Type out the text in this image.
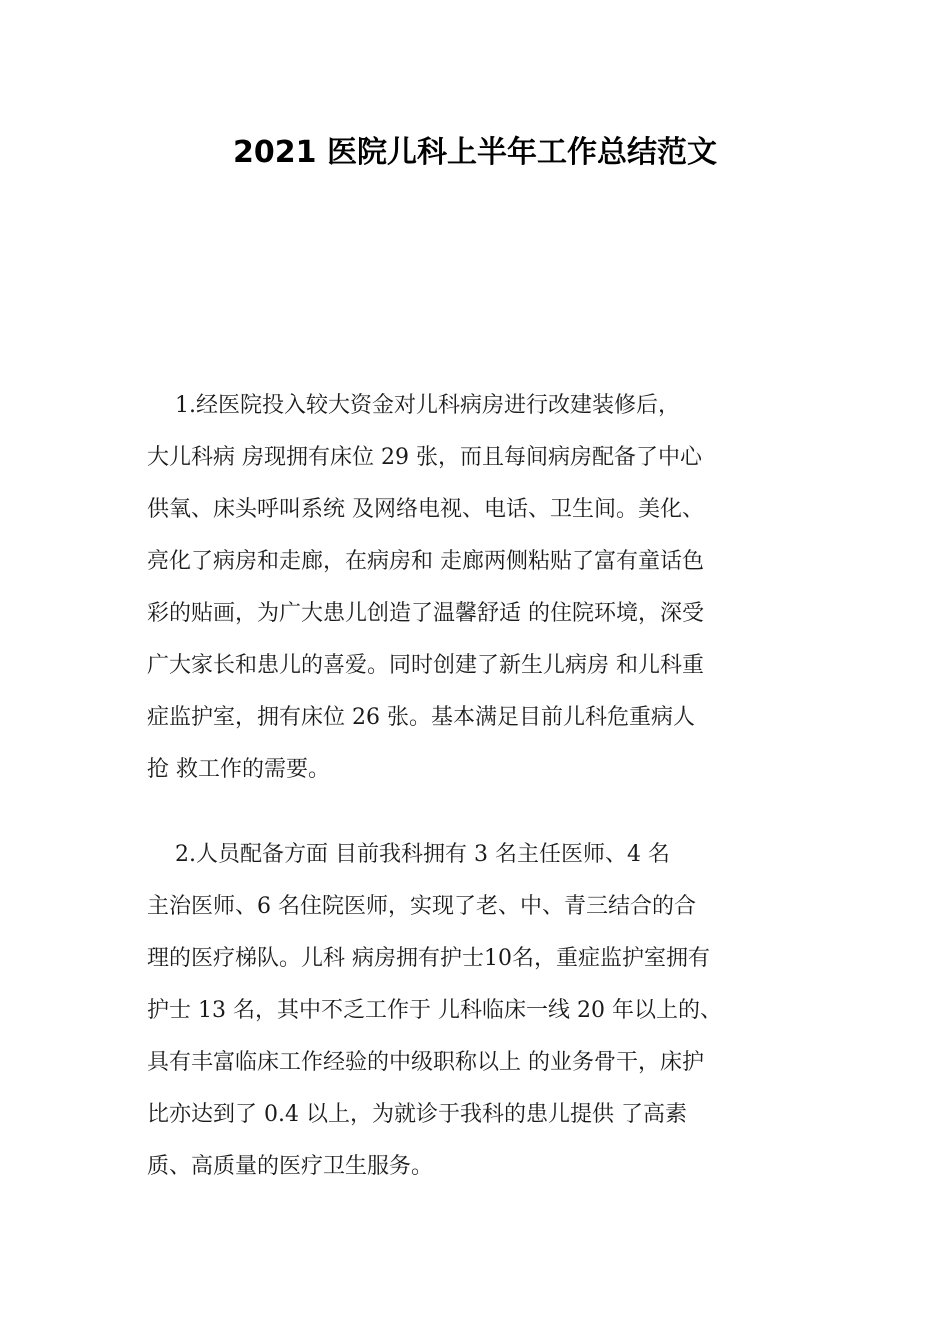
2021 医院儿科上半年工作总结范文

1.经医院投入较大资金对儿科病房进行改建装修后，
大儿科病 房现拥有床位 29 张，而且每间病房配备了中心
供氧、床头呼叫系统 及网络电视、电话、卫生间。美化、
亮化了病房和走廊，在病房和 走廊两侧粘贴了富有童话色
彩的贴画，为广大患儿创造了温馨舒适 的住院环境，深受
广大家长和患儿的喜爱。同时创建了新生儿病房 和儿科重
症监护室，拥有床位 26 张。基本满足目前儿科危重病人
抢 救工作的需要。

2.人员配备方面 目前我科拥有 3 名主任医师、4 名
主治医师、6 名住院医师，实现了老、中、青三结合的合
理的医疗梯队。儿科 病房拥有护士10名，重症监护室拥有
护士 13 名，其中不乏工作于 儿科临床一线 20 年以上的、
具有丰富临床工作经验的中级职称以上 的业务骨干，床护
比亦达到了 0.4 以上，为就诊于我科的患儿提供 了高素
质、高质量的医疗卫生服务。
